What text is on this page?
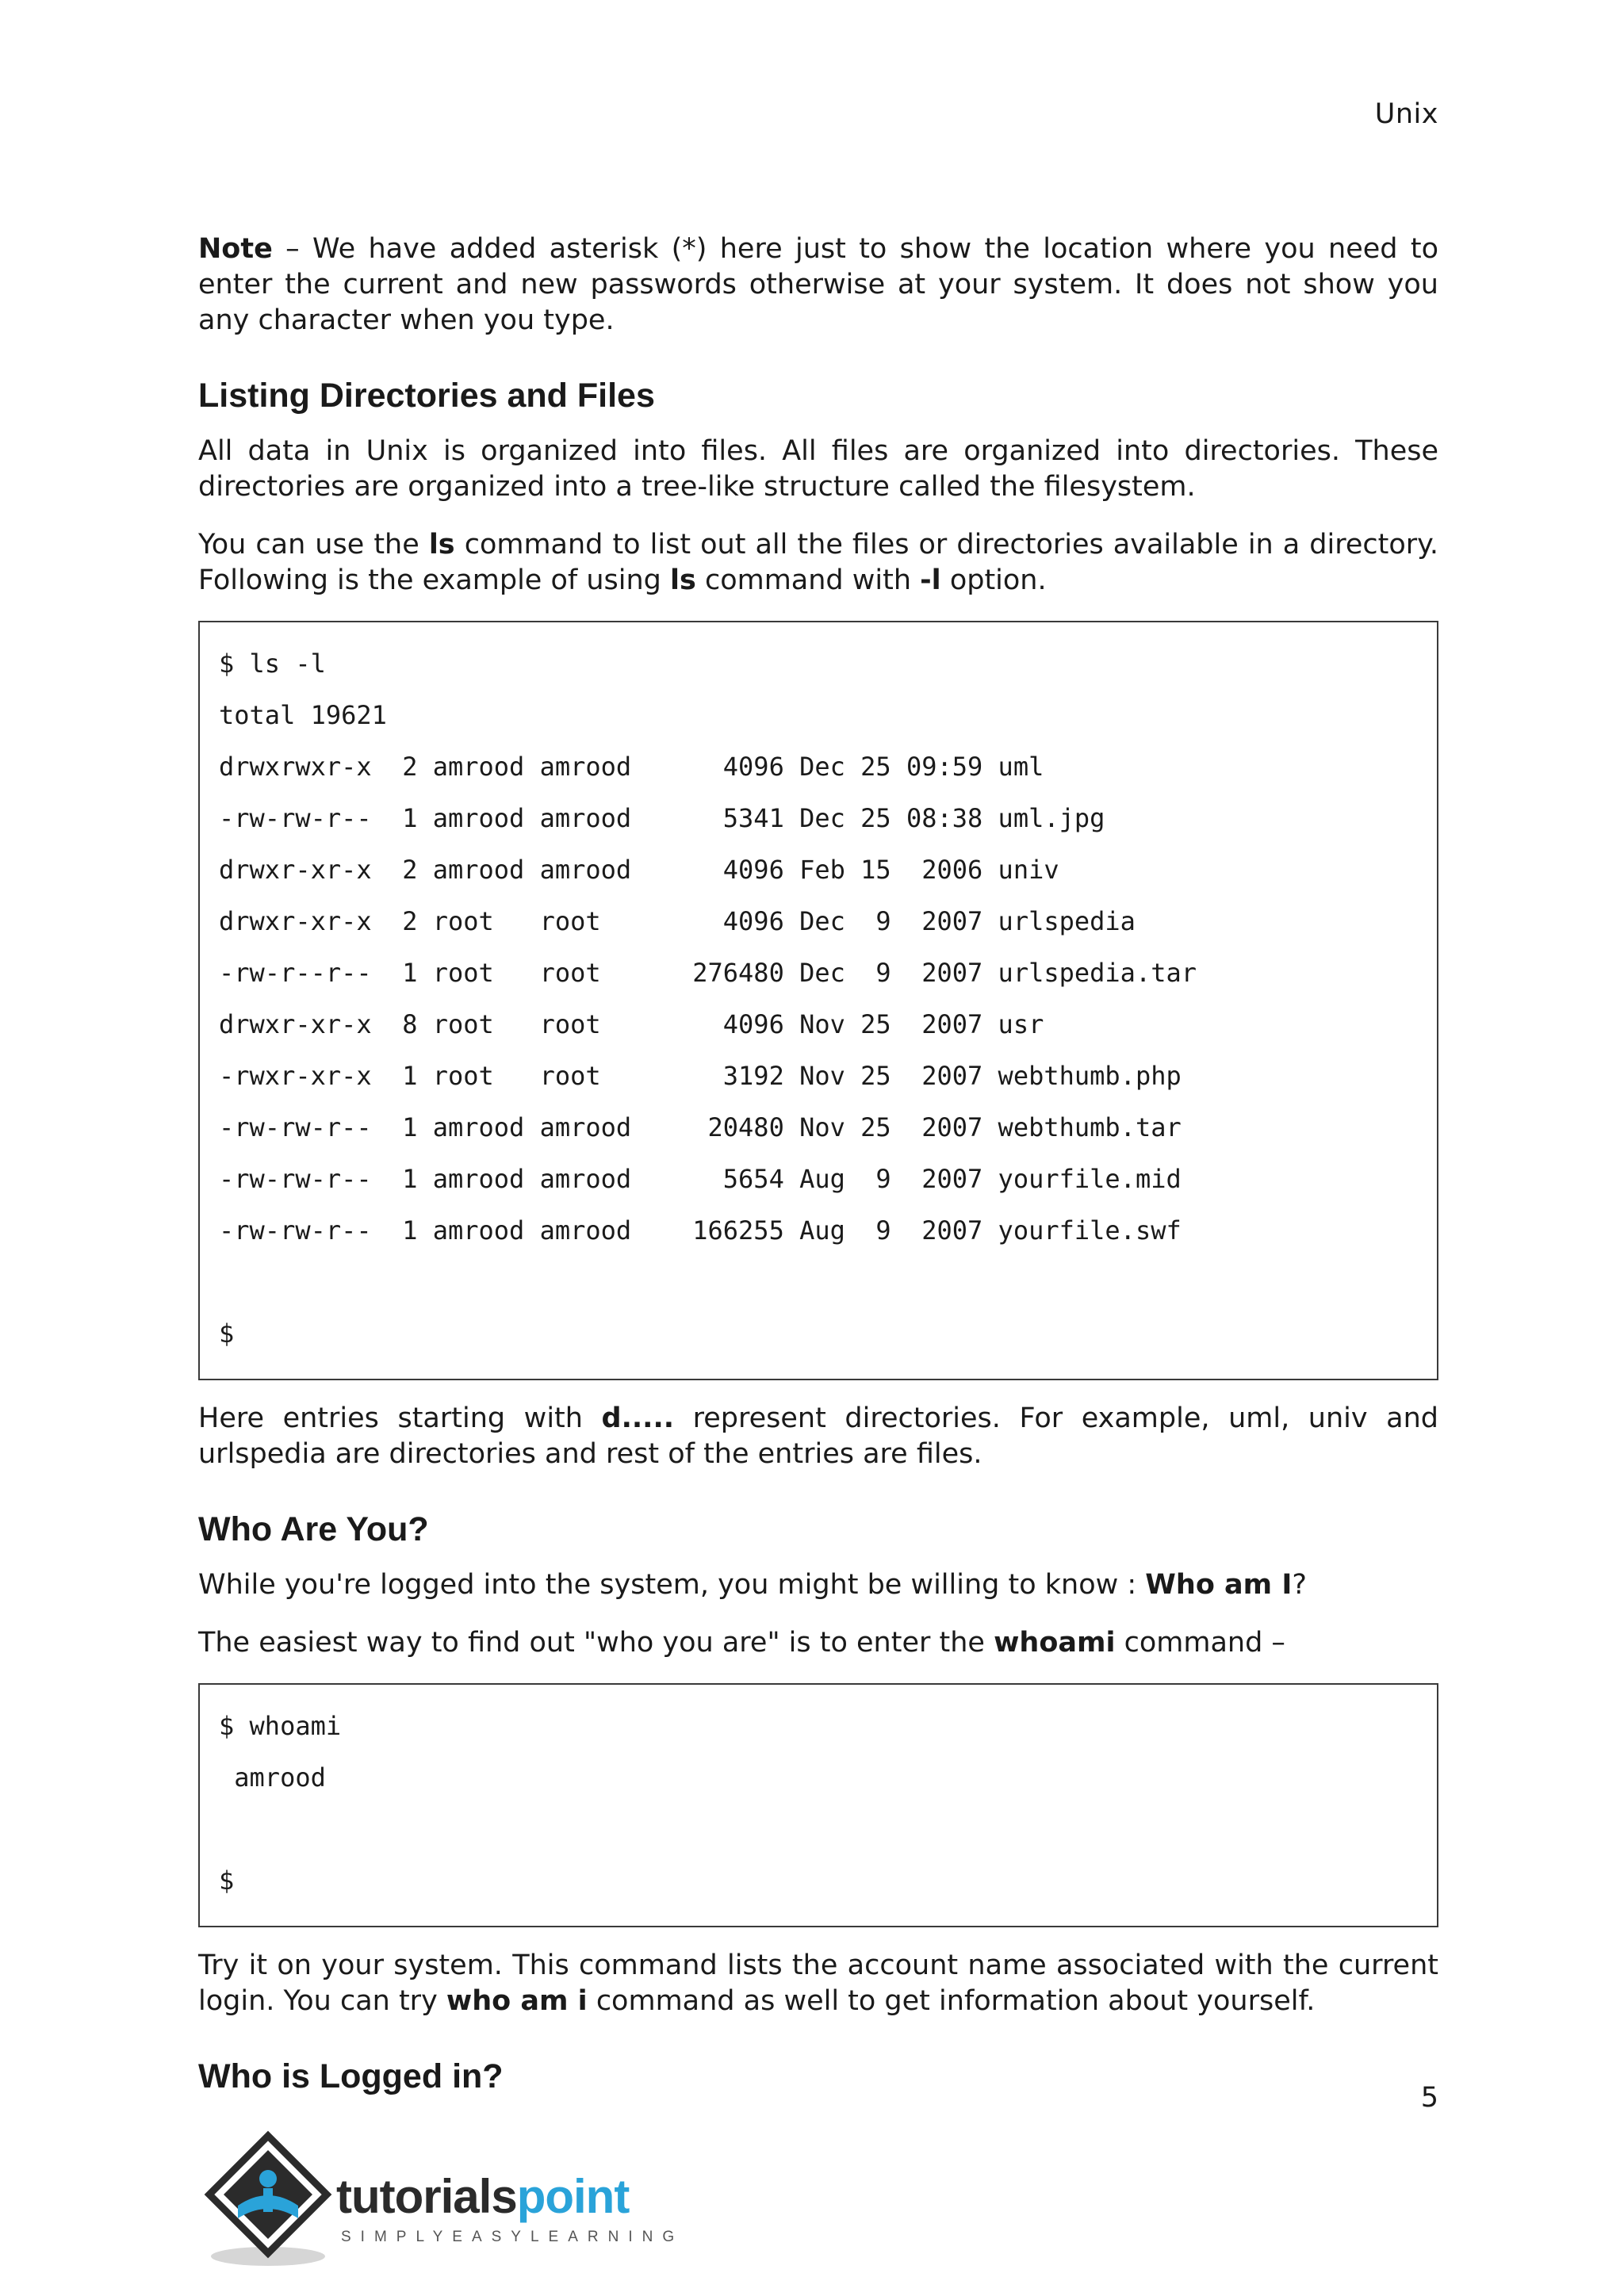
Unix

Note – We have added asterisk (*) here just to show the location where you need to enter the current and new passwords otherwise at your system. It does not show you any character when you type.

Listing Directories and Files

All data in Unix is organized into files. All files are organized into directories. These directories are organized into a tree-like structure called the filesystem.

You can use the ls command to list out all the files or directories available in a directory. Following is the example of using ls command with -l option.

$ ls -l
total 19621
drwxrwxr-x  2 amrood amrood      4096 Dec 25 09:59 uml
-rw-rw-r--  1 amrood amrood      5341 Dec 25 08:38 uml.jpg
drwxr-xr-x  2 amrood amrood      4096 Feb 15  2006 univ
drwxr-xr-x  2 root   root        4096 Dec  9  2007 urlspedia
-rw-r--r--  1 root   root      276480 Dec  9  2007 urlspedia.tar
drwxr-xr-x  8 root   root        4096 Nov 25  2007 usr
-rwxr-xr-x  1 root   root        3192 Nov 25  2007 webthumb.php
-rw-rw-r--  1 amrood amrood     20480 Nov 25  2007 webthumb.tar
-rw-rw-r--  1 amrood amrood      5654 Aug  9  2007 yourfile.mid
-rw-rw-r--  1 amrood amrood    166255 Aug  9  2007 yourfile.swf
$

Here entries starting with d..... represent directories. For example, uml, univ and urlspedia are directories and rest of the entries are files.

Who Are You?

While you're logged into the system, you might be willing to know : Who am I?

The easiest way to find out "who you are" is to enter the whoami command –

$ whoami
amrood
$

Try it on your system. This command lists the account name associated with the current login. You can try who am i command as well to get information about yourself.

Who is Logged in?
5
tutorialspoint
SIMPLYEASYLEARNING
